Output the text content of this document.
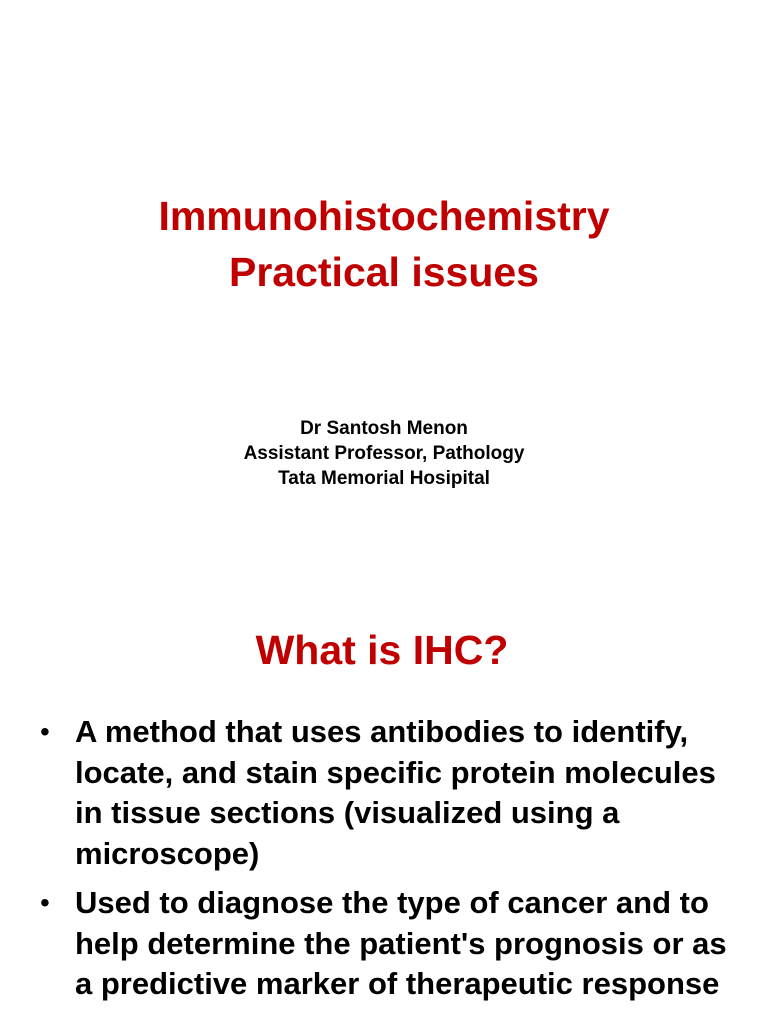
Immunohistochemistry
Practical issues
Dr Santosh Menon
Assistant Professor, Pathology
Tata Memorial Hosipital
What is IHC?
• A method that uses antibodies to identify, locate, and stain specific protein molecules in tissue sections (visualized using a microscope)
• Used to diagnose the type of cancer and to help determine the patient's prognosis or as a predictive marker of therapeutic response
